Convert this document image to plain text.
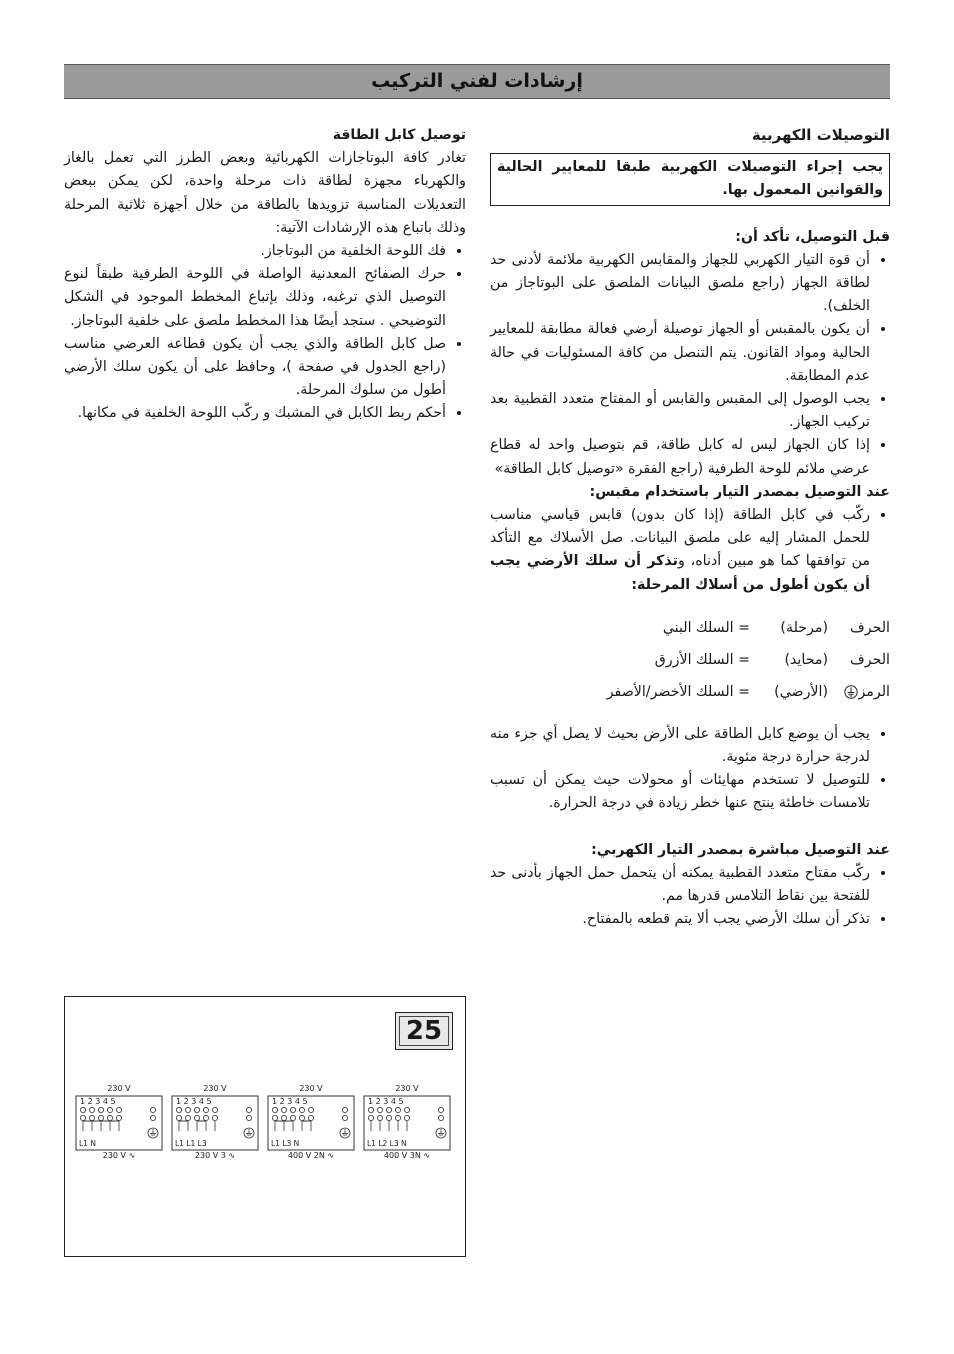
إرشادات لفني التركيب
التوصيلات الكهربية
يجب إجراء التوصيلات الكهربية طبقا للمعايير الحالية والقوانين المعمول بها.

قبل التوصيل، تأكد أن:

• أن قوة التيار الكهربي للجهاز والمقابس الكهربية ملائمة لأدنى حد لطاقة الجهاز (راجع ملصق البيانات الملصق على البوتاجاز من الخلف).
• أن يكون بالمقبس أو الجهاز توصيلة أرضي فعالة مطابقة للمعايير الحالية ومواد القانون. يتم التنصل من كافة المسئوليات في حالة عدم المطابقة.
• يجب الوصول إلى المقبس والقابس أو المفتاح متعدد القطبية بعد تركيب الجهاز.
• إذا كان الجهاز ليس له كابل طاقة، قم بتوصيل واحد له قطاع عرضي ملائم للوحة الطرفية (راجع الفقرة «توصيل كابل الطاقة»

عند التوصيل بمصدر التيار باستخدام مقبس:

• ركّب في كابل الطاقة (إذا كان بدون) قابس قياسي مناسب للحمل المشار إليه على ملصق البيانات. صل الأسلاك مع التأكد من توافقها كما هو مبين أدناه، وتذكر أن سلك الأرضي يجب أن يكون أطول من أسلاك المرحلة:
الحرف
(مرحلة)
= السلك البني
الحرف
(محايد)
= السلك الأزرق
الرمز
(الأرضي)
= السلك الأخضر/الأصفر
• يجب أن يوضع كابل الطاقة على الأرض بحيث لا يصل أي جزء منه لدرجة حرارة درجة مئوية.
• للتوصيل لا تستخدم مهايئات أو محولات حيث يمكن أن تسبب تلامسات خاطئة ينتج عنها خطر زيادة في درجة الحرارة.

عند التوصيل مباشرة بمصدر التيار الكهربي:

• ركّب مفتاح متعدد القطبية يمكنه أن يتحمل حمل الجهاز بأدنى حد للفتحة بين نقاط التلامس قدرها مم.
• تذكر أن سلك الأرضي يجب ألا يتم قطعه بالمفتاح.
توصيل كابل الطاقة

تغادر كافة البوتاجازات الكهربائية وبعض الطرز التي تعمل بالغاز والكهرباء مجهزة لطاقة ذات مرحلة واحدة، لكن يمكن ببعض التعديلات المناسبة تزويدها بالطاقة من خلال أجهزة ثلاثية المرحلة وذلك باتباع هذه الإرشادات الآتية:

• فك اللوحة الخلفية من البوتاجاز.
• حرك الصفائح المعدنية الواصلة في اللوحة الطرفية طبقاً لنوع التوصيل الذي ترغبه، وذلك بإتباع المخطط الموجود في الشكل التوضيحي . ستجد أيضًا هذا المخطط ملصق على خلفية البوتاجاز.
• صل كابل الطاقة والذي يجب أن يكون قطاعه العرضي مناسب (راجع الجدول في صفحة )، وحافظ على أن يكون سلك الأرضي أطول من سلوك المرحلة.
• أحكم ربط الكابل في المشبك و ركّب اللوحة الخلفية في مكانها.
25
230 V
1 2 3 4 5
L1 N
230 V ∿
230 V
1 2 3 4 5
L1 L1 L3
230 V 3 ∿
230 V
1 2 3 4 5
L1 L3 N
400 V 2N ∿
230 V
1 2 3 4 5
L1 L2 L3 N
400 V 3N ∿
